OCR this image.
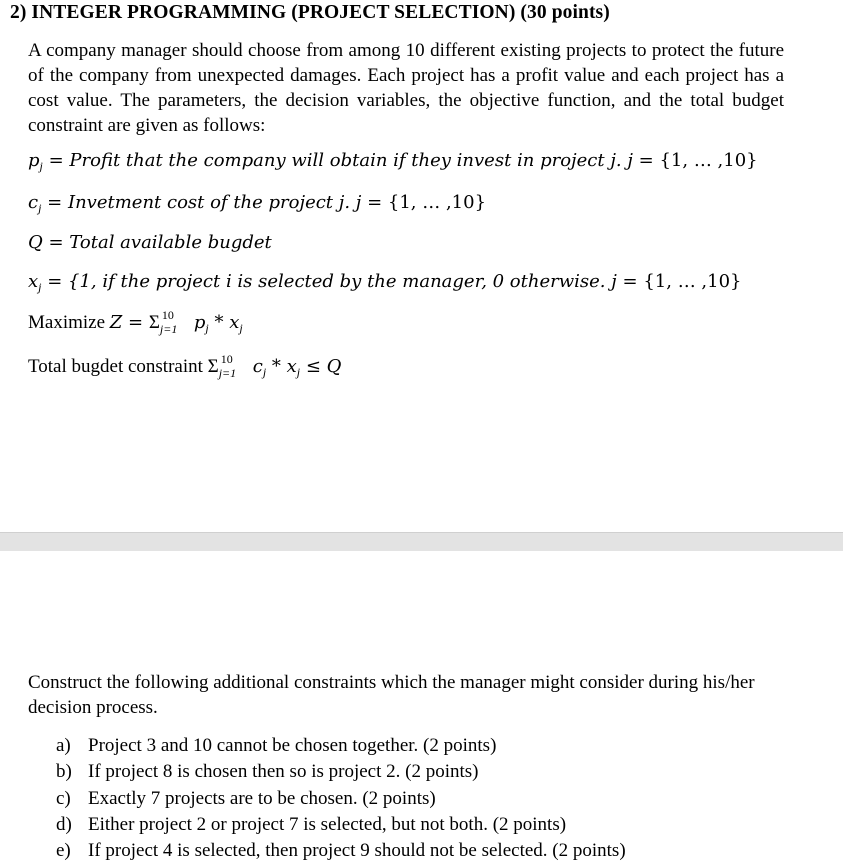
2) INTEGER PROGRAMMING (PROJECT SELECTION) (30 points)
A company manager should choose from among 10 different existing projects to protect the future of the company from unexpected damages. Each project has a profit value and each project has a cost value. The parameters, the decision variables, the objective function, and the total budget constraint are given as follows:
$p_j$ = Profit that the company will obtain if they invest in project j. j = {1, … ,10}
$c_j$ = Invetment cost of the project j. j = {1, … ,10}
Q = Total available bugdet
$x_j = \{1$, if the project i is selected by the manager, 0 otherwise. j = {1, … ,10}
Maximize Z = Σ 10
j=1 $p_j * x_j$
Total bugdet constraint Σ 10
j=1 $c_j * x_j \le Q$
Construct the following additional constraints which the manager might consider during his/her decision process.
a) Project 3 and 10 cannot be chosen together. (2 points)
b) If project 8 is chosen then so is project 2. (2 points)
c) Exactly 7 projects are to be chosen. (2 points)
d) Either project 2 or project 7 is selected, but not both. (2 points)
e) If project 4 is selected, then project 9 should not be selected. (2 points)
